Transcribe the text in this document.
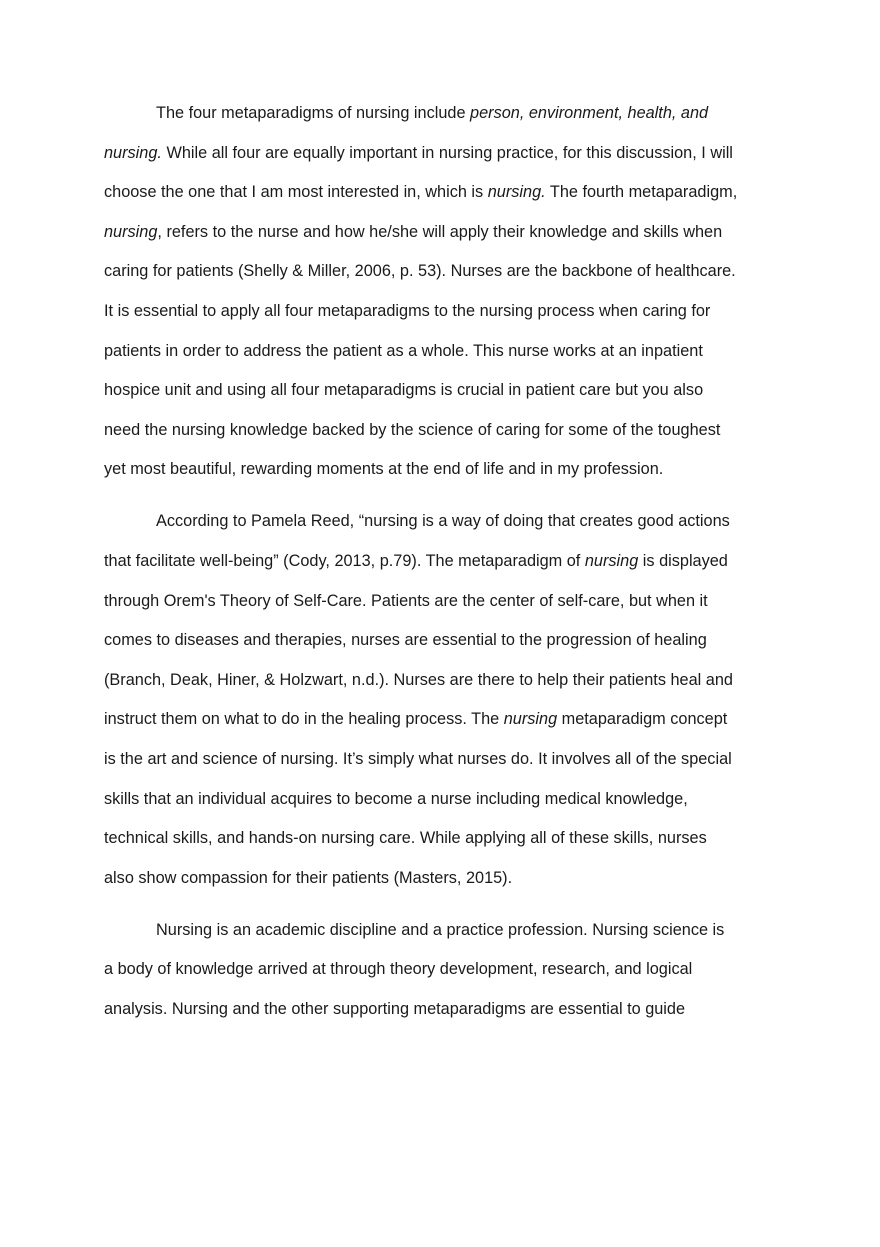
The four metaparadigms of nursing include person, environment, health, and
nursing. While all four are equally important in nursing practice, for this discussion, I will
choose the one that I am most interested in, which is nursing. The fourth metaparadigm,
nursing, refers to the nurse and how he/she will apply their knowledge and skills when
caring for patients (Shelly & Miller, 2006, p. 53). Nurses are the backbone of healthcare.
It is essential to apply all four metaparadigms to the nursing process when caring for
patients in order to address the patient as a whole. This nurse works at an inpatient
hospice unit and using all four metaparadigms is crucial in patient care but you also
need the nursing knowledge backed by the science of caring for some of the toughest
yet most beautiful, rewarding moments at the end of life and in my profession.
According to Pamela Reed, “nursing is a way of doing that creates good actions
that facilitate well-being” (Cody, 2013, p.79). The metaparadigm of nursing is displayed
through Orem's Theory of Self-Care. Patients are the center of self-care, but when it
comes to diseases and therapies, nurses are essential to the progression of healing
(Branch, Deak, Hiner, & Holzwart, n.d.). Nurses are there to help their patients heal and
instruct them on what to do in the healing process. The nursing metaparadigm concept
is the art and science of nursing. It’s simply what nurses do. It involves all of the special
skills that an individual acquires to become a nurse including medical knowledge,
technical skills, and hands-on nursing care. While applying all of these skills, nurses
also show compassion for their patients (Masters, 2015).
Nursing is an academic discipline and a practice profession. Nursing science is
a body of knowledge arrived at through theory development, research, and logical
analysis. Nursing and the other supporting metaparadigms are essential to guide
